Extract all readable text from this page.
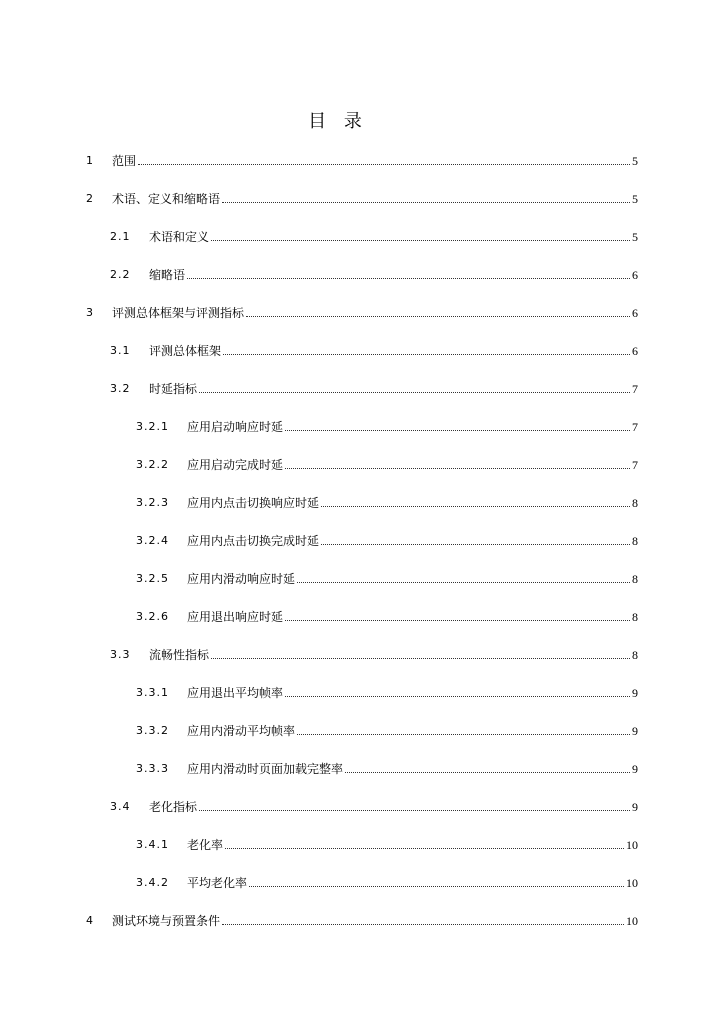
目 录
1 范围	5
2 术语、定义和缩略语	5
2.1 术语和定义	5
2.2 缩略语	6
3 评测总体框架与评测指标	6
3.1 评测总体框架	6
3.2 时延指标	7
3.2.1 应用启动响应时延	7
3.2.2 应用启动完成时延	7
3.2.3 应用内点击切换响应时延	8
3.2.4 应用内点击切换完成时延	8
3.2.5 应用内滑动响应时延	8
3.2.6 应用退出响应时延	8
3.3 流畅性指标	8
3.3.1 应用退出平均帧率	9
3.3.2 应用内滑动平均帧率	9
3.3.3 应用内滑动时页面加载完整率	9
3.4 老化指标	9
3.4.1 老化率	10
3.4.2 平均老化率	10
4 测试环境与预置条件	10
